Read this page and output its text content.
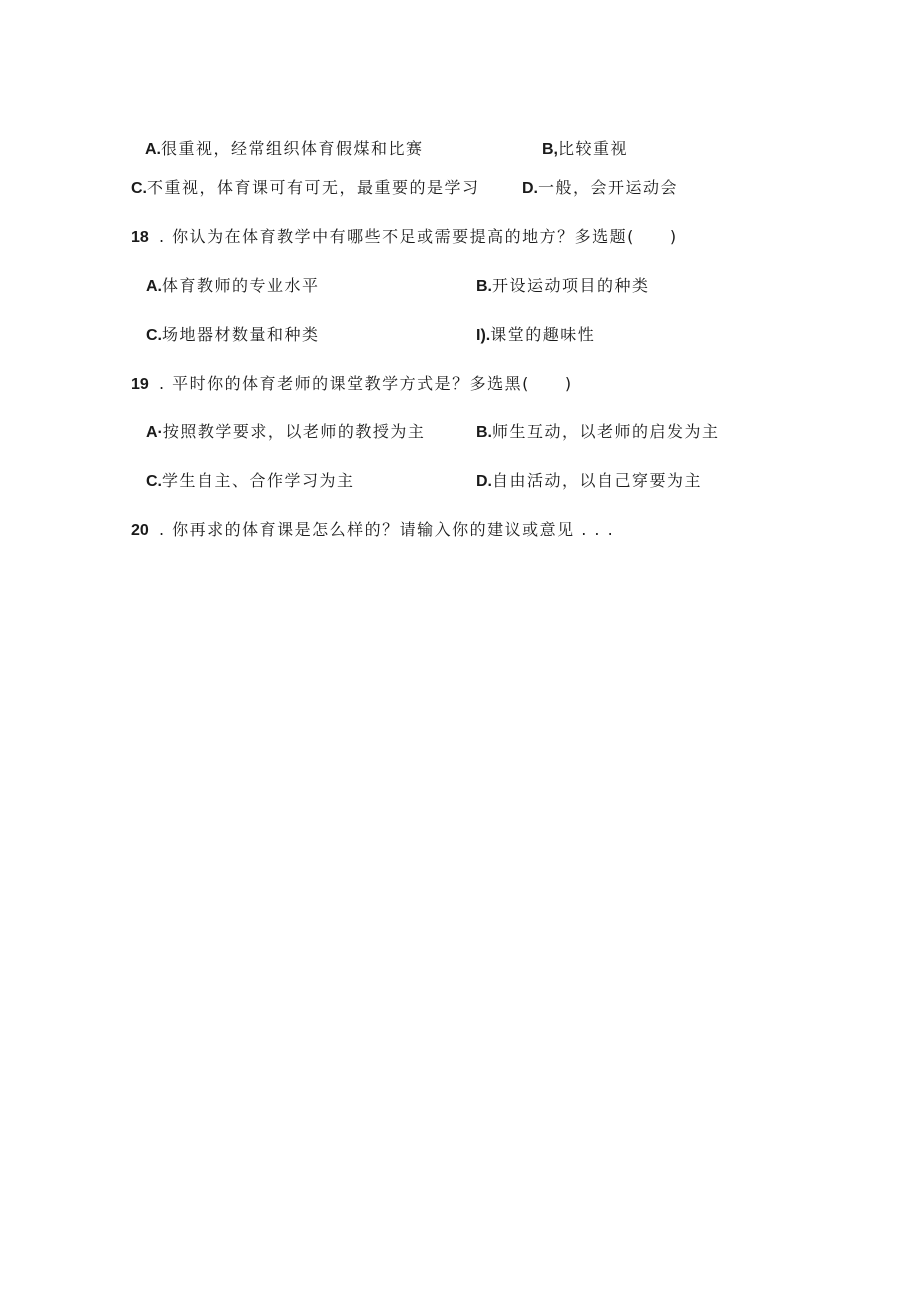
A.很重视，经常组织体育假煤和比赛	B,比较重视
C.不重视，体育课可有可无，最重要的是学习	D.一般，会开运动会
18 . 你认为在体育教学中有哪些不足或需要提高的地方？多选题(　　)
A.体育教师的专业水平	B.开设运动项目的种类
C.场地器材数量和种类	I).课堂的趣味性
19 . 平时你的体育老师的课堂教学方式是？多选黑(　　)
A·按照教学要求，以老师的教授为主	B.师生互动，以老师的启发为主
C.学生自主、合作学习为主	D.自由活动，以自己穿要为主
20 . 你再求的体育课是怎么样的？请输入你的建议或意见 . . .
